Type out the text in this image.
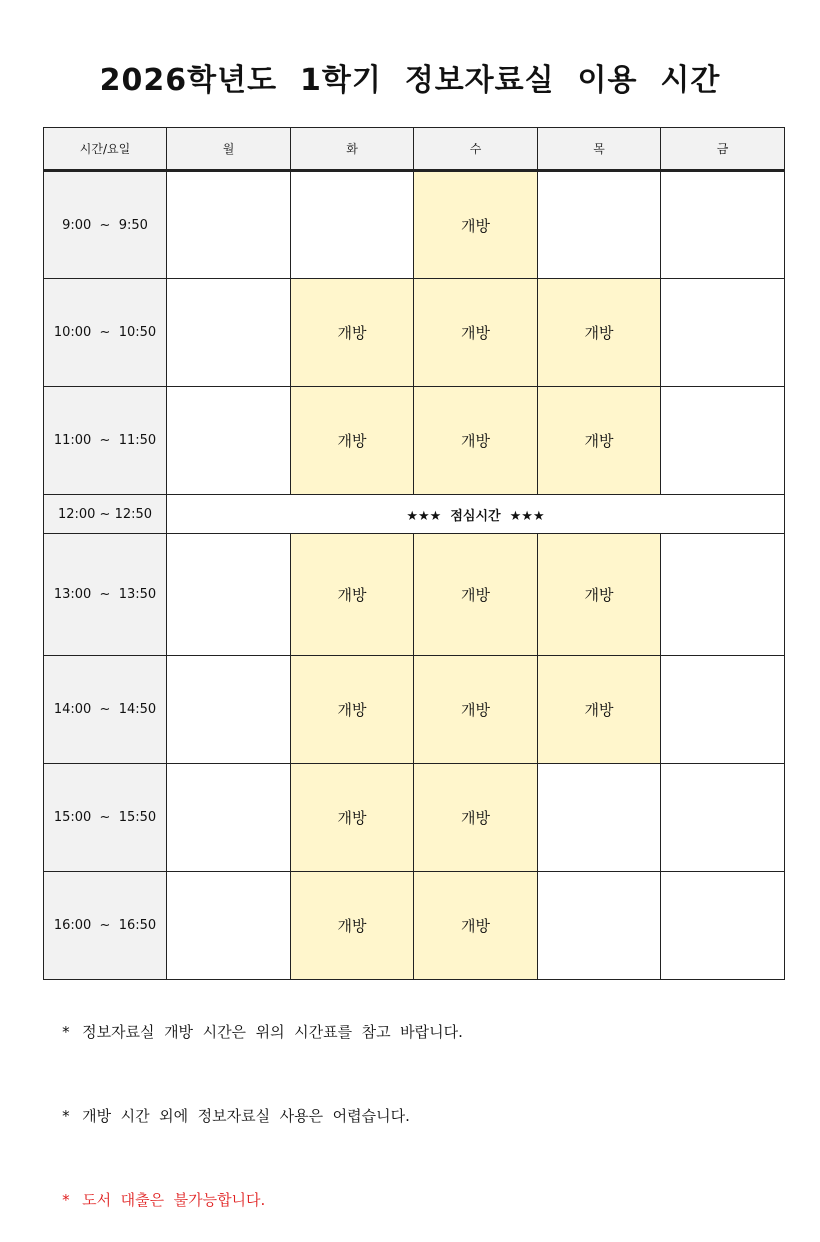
2026학년도  1학기  정보자료실  이용  시간
시간/요일	월	화	수	목	금
9:00  ~  9:50			개방		
10:00  ~  10:50		개방	개방	개방	
11:00  ~  11:50		개방	개방	개방	
12:00 ~ 12:50	★★★  점심시간  ★★★				
13:00  ~  13:50		개방	개방	개방	
14:00  ~  14:50		개방	개방	개방	
15:00  ~  15:50		개방	개방		
16:00  ~  16:50		개방	개방		

* 정보자료실  개방  시간은  위의  시간표를  참고  바랍니다.

* 개방  시간  외에  정보자료실  사용은  어렵습니다.

* 도서  대출은  불가능합니다.
